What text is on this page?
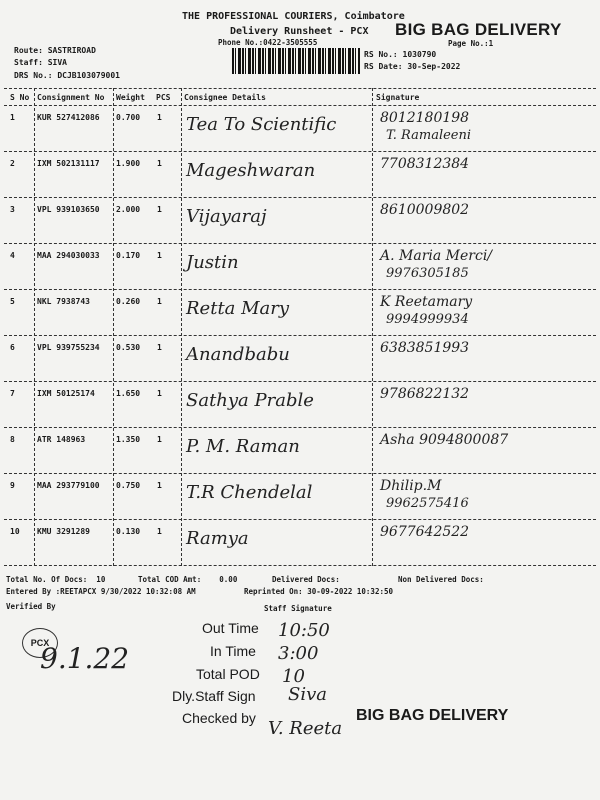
THE PROFESSIONAL COURIERS, Coimbatore
Delivery Runsheet - PCX BIG BAG DELIVERY
Phone No.:0422-3505555	Page No.:1
Route: SASTRIROAD
Staff: SIVA
DRS No.: DCJB103079001
RS No.: 1030790
RS Date: 30-Sep-2022
S No Consignment No Weight PCS Consignee Details	Signature
1	KUR 527412086 0.700 1 Tea To Scientific	8012180198
T. Ramaleeni
2	IXM 502131117 1.900 1 Mageshwaran	7708312384
3	VPL 939103650 2.000 1 Vijayaraj	8610009802
4	MAA 294030033 0.170 1 Justin	A. Maria Merci/
9976305185
5	NKL 7938743	0.260 1 Retta Mary	K Reetamary
9994999934
6	VPL 939755234 0.530 1 Anandbabu	6383851993
7	IXM 50125174	1.650 1 Sathya Prable	9786822132
8	ATR 148963	1.350 1 P. M. Raman	Asha 9094800087
9	MAA 293779100 0.750 1 T.R Chendelal	Dhilip.M
9962575416
10 KMU 3291289	0.130 1 Ramya	9677642522
Total No. Of Docs:  10	Total COD Amt:    0.00	Delivered Docs:	Non Delivered Docs:
Entered By :REETAPCX 9/30/2022 10:32:08 AM	Reprinted On: 30-09-2022 10:32:50
Verified By	Staff Signature
PCX
9.1.22
Out Time 10:50
In Time 3:00
Total POD 10
Dly.Staff Sign Siva
Checked by V. Reeta
BIG BAG DELIVERY
